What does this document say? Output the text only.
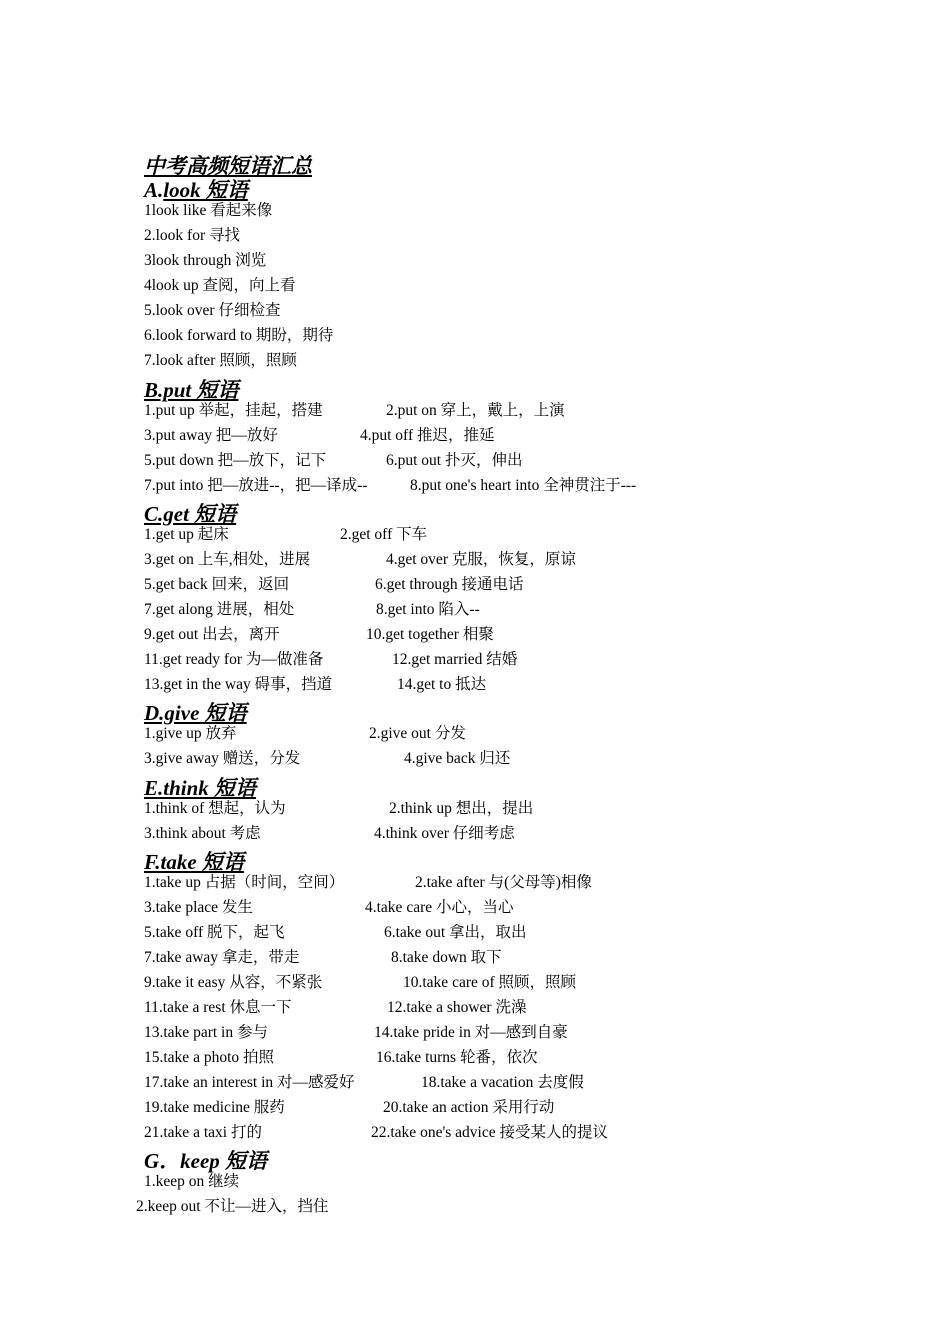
中考高频短语汇总
A.look 短语
1look like 看起来像
2.look for 寻找
3look through 浏览
4look up 查阅，向上看
5.look over 仔细检查
6.look forward to 期盼，期待
7.look after 照顾，照顾
B.put 短语
1.put up 举起，挂起，搭建	2.put on 穿上，戴上，上演
3.put away 把—放好	4.put off 推迟，推延
5.put down 把—放下，记下	6.put out 扑灭，伸出
7.put into 把—放进--，把—译成--	8.put one's heart into 全神贯注于---
C.get 短语
1.get up 起床	2.get off 下车
3.get on 上车,相处，进展	4.get over 克服，恢复，原谅
5.get back 回来，返回	6.get through 接通电话
7.get along 进展，相处	8.get into 陷入--
9.get out 出去，离开	10.get together 相聚
11.get ready for 为—做准备	12.get married 结婚
13.get in the way 碍事，挡道	14.get to 抵达
D.give 短语
1.give up 放弃	2.give out 分发
3.give away 赠送，分发	4.give back 归还
E.think 短语
1.think of 想起，认为	2.think up 想出，提出
3.think about 考虑	4.think over 仔细考虑
F.take 短语
1.take up 占据（时间，空间）	2.take after 与(父母等)相像
3.take place 发生	4.take care 小心，当心
5.take off 脱下，起飞	6.take out 拿出，取出
7.take away 拿走，带走	8.take down 取下
9.take it easy 从容，不紧张	10.take care of 照顾，照顾
11.take a rest 休息一下	12.take a shower 洗澡
13.take part in 参与	14.take pride in 对—感到自豪
15.take a photo 拍照	16.take turns 轮番，依次
17.take an interest in 对—感爱好	18.take a vacation 去度假
19.take medicine 服药	20.take an action 采用行动
21.take a taxi 打的	22.take one's advice 接受某人的提议
G．keep 短语
1.keep on 继续
2.keep out 不让—进入，挡住
